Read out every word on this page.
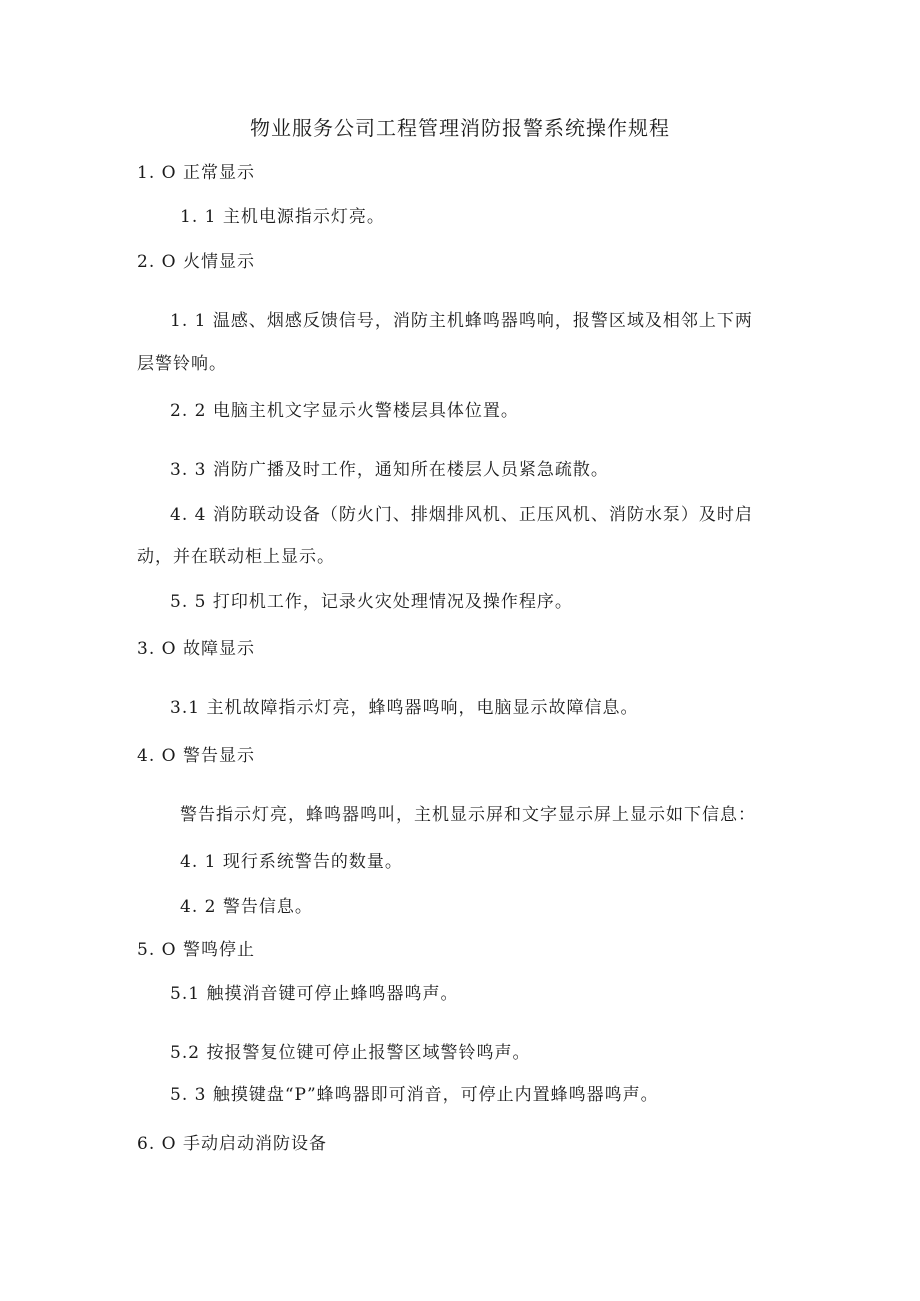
物业服务公司工程管理消防报警系统操作规程
1. O 正常显示
1. 1 主机电源指示灯亮。
2. O 火情显示
1. 1 温感、烟感反馈信号，消防主机蜂鸣器鸣响，报警区域及相邻上下两
层警铃响。
2. 2 电脑主机文字显示火警楼层具体位置。
3. 3 消防广播及时工作，通知所在楼层人员紧急疏散。
4. 4 消防联动设备（防火门、排烟排风机、正压风机、消防水泵）及时启
动，并在联动柜上显示。
5. 5 打印机工作，记录火灾处理情况及操作程序。
3. O 故障显示
3.1 主机故障指示灯亮，蜂鸣器鸣响，电脑显示故障信息。
4. O 警告显示
警告指示灯亮，蜂鸣器鸣叫，主机显示屏和文字显示屏上显示如下信息：
4. 1 现行系统警告的数量。
4. 2 警告信息。
5. O 警鸣停止
5.1 触摸消音键可停止蜂鸣器鸣声。
5.2 按报警复位键可停止报警区域警铃鸣声。
5. 3 触摸键盘“P”蜂鸣器即可消音，可停止内置蜂鸣器鸣声。
6. O 手动启动消防设备
